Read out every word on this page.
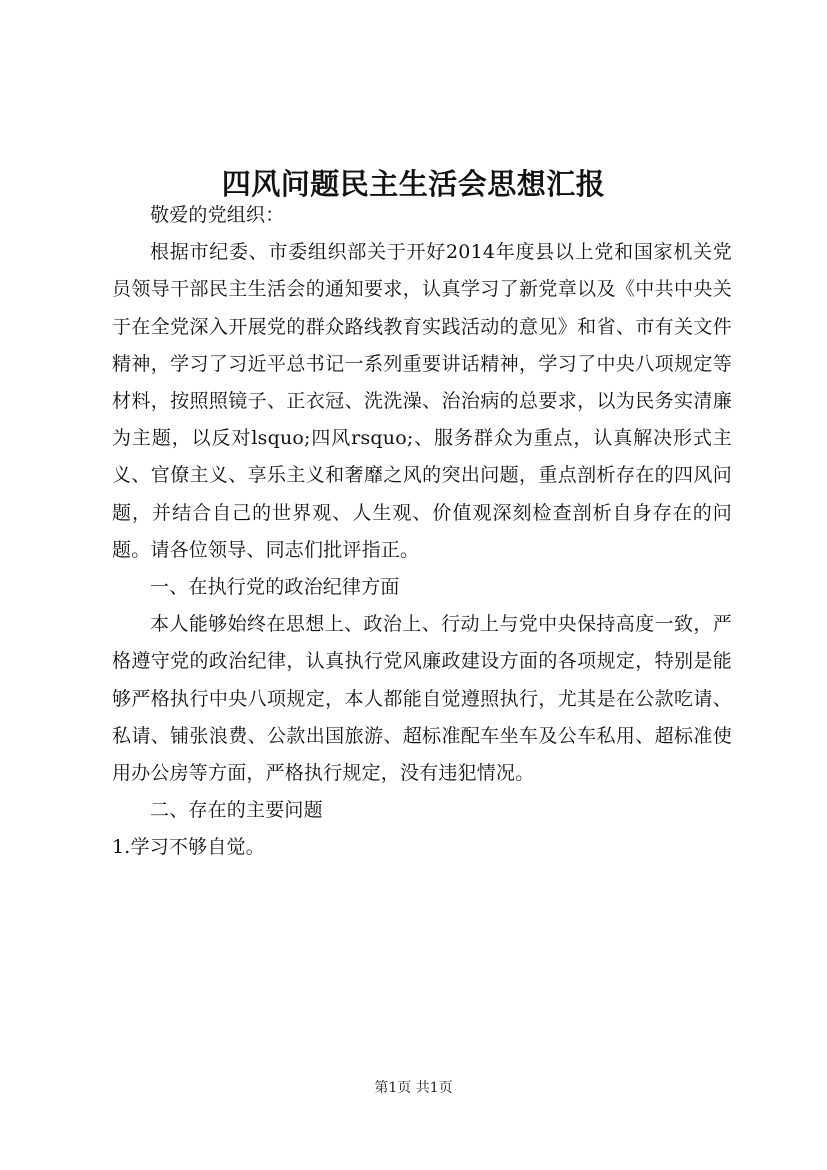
四风问题民主生活会思想汇报

敬爱的党组织：

根据市纪委、市委组织部关于开好2014年度县以上党和国家机关党员领导干部民主生活会的通知要求，认真学习了新党章以及《中共中央关于在全党深入开展党的群众路线教育实践活动的意见》和省、市有关文件精神，学习了习近平总书记一系列重要讲话精神，学习了中央八项规定等材料，按照照镜子、正衣冠、洗洗澡、治治病的总要求，以为民务实清廉为主题，以反对lsquo;四风rsquo;、服务群众为重点，认真解决形式主义、官僚主义、享乐主义和奢靡之风的突出问题，重点剖析存在的四风问题，并结合自己的世界观、人生观、价值观深刻检查剖析自身存在的问题。请各位领导、同志们批评指正。

一、在执行党的政治纪律方面

本人能够始终在思想上、政治上、行动上与党中央保持高度一致，严格遵守党的政治纪律，认真执行党风廉政建设方面的各项规定，特别是能够严格执行中央八项规定，本人都能自觉遵照执行，尤其是在公款吃请、私请、铺张浪费、公款出国旅游、超标准配车坐车及公车私用、超标准使用办公房等方面，严格执行规定，没有违犯情况。

二、存在的主要问题

1.学习不够自觉。

第1页 共1页
